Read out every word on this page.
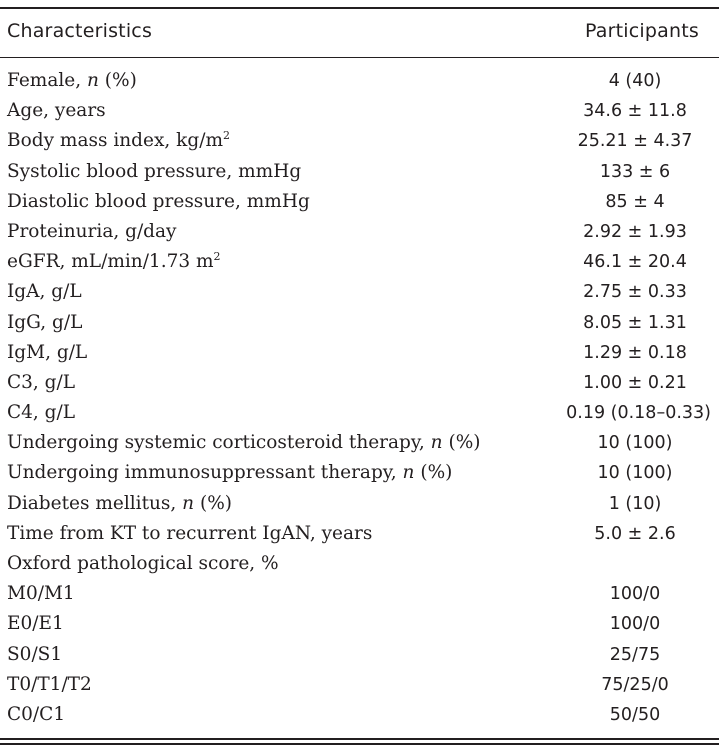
Characteristics	Participants
Female, n (%)	4 (40)
Age, years	34.6 ± 11.8
Body mass index, $kg/m^2$	25.21 ± 4.37
Systolic blood pressure, mmHg	133 ± 6
Diastolic blood pressure, mmHg	85 ± 4
Proteinuria, g/day	2.92 ± 1.93
eGFR, mL/min/1.73 $m^2$	46.1 ± 20.4
IgA, g/L	2.75 ± 0.33
IgG, g/L	8.05 ± 1.31
IgM, g/L	1.29 ± 0.18
C3, g/L	1.00 ± 0.21
C4, g/L	0.19 (0.18–0.33)
Undergoing systemic corticosteroid therapy, n (%)	10 (100)
Undergoing immunosuppressant therapy, n (%)	10 (100)
Diabetes mellitus, n (%)	1 (10)
Time from KT to recurrent IgAN, years	5.0 ± 2.6
Oxford pathological score, %
M0/M1	100/0
E0/E1	100/0
S0/S1	25/75
T0/T1/T2	75/25/0
C0/C1	50/50
